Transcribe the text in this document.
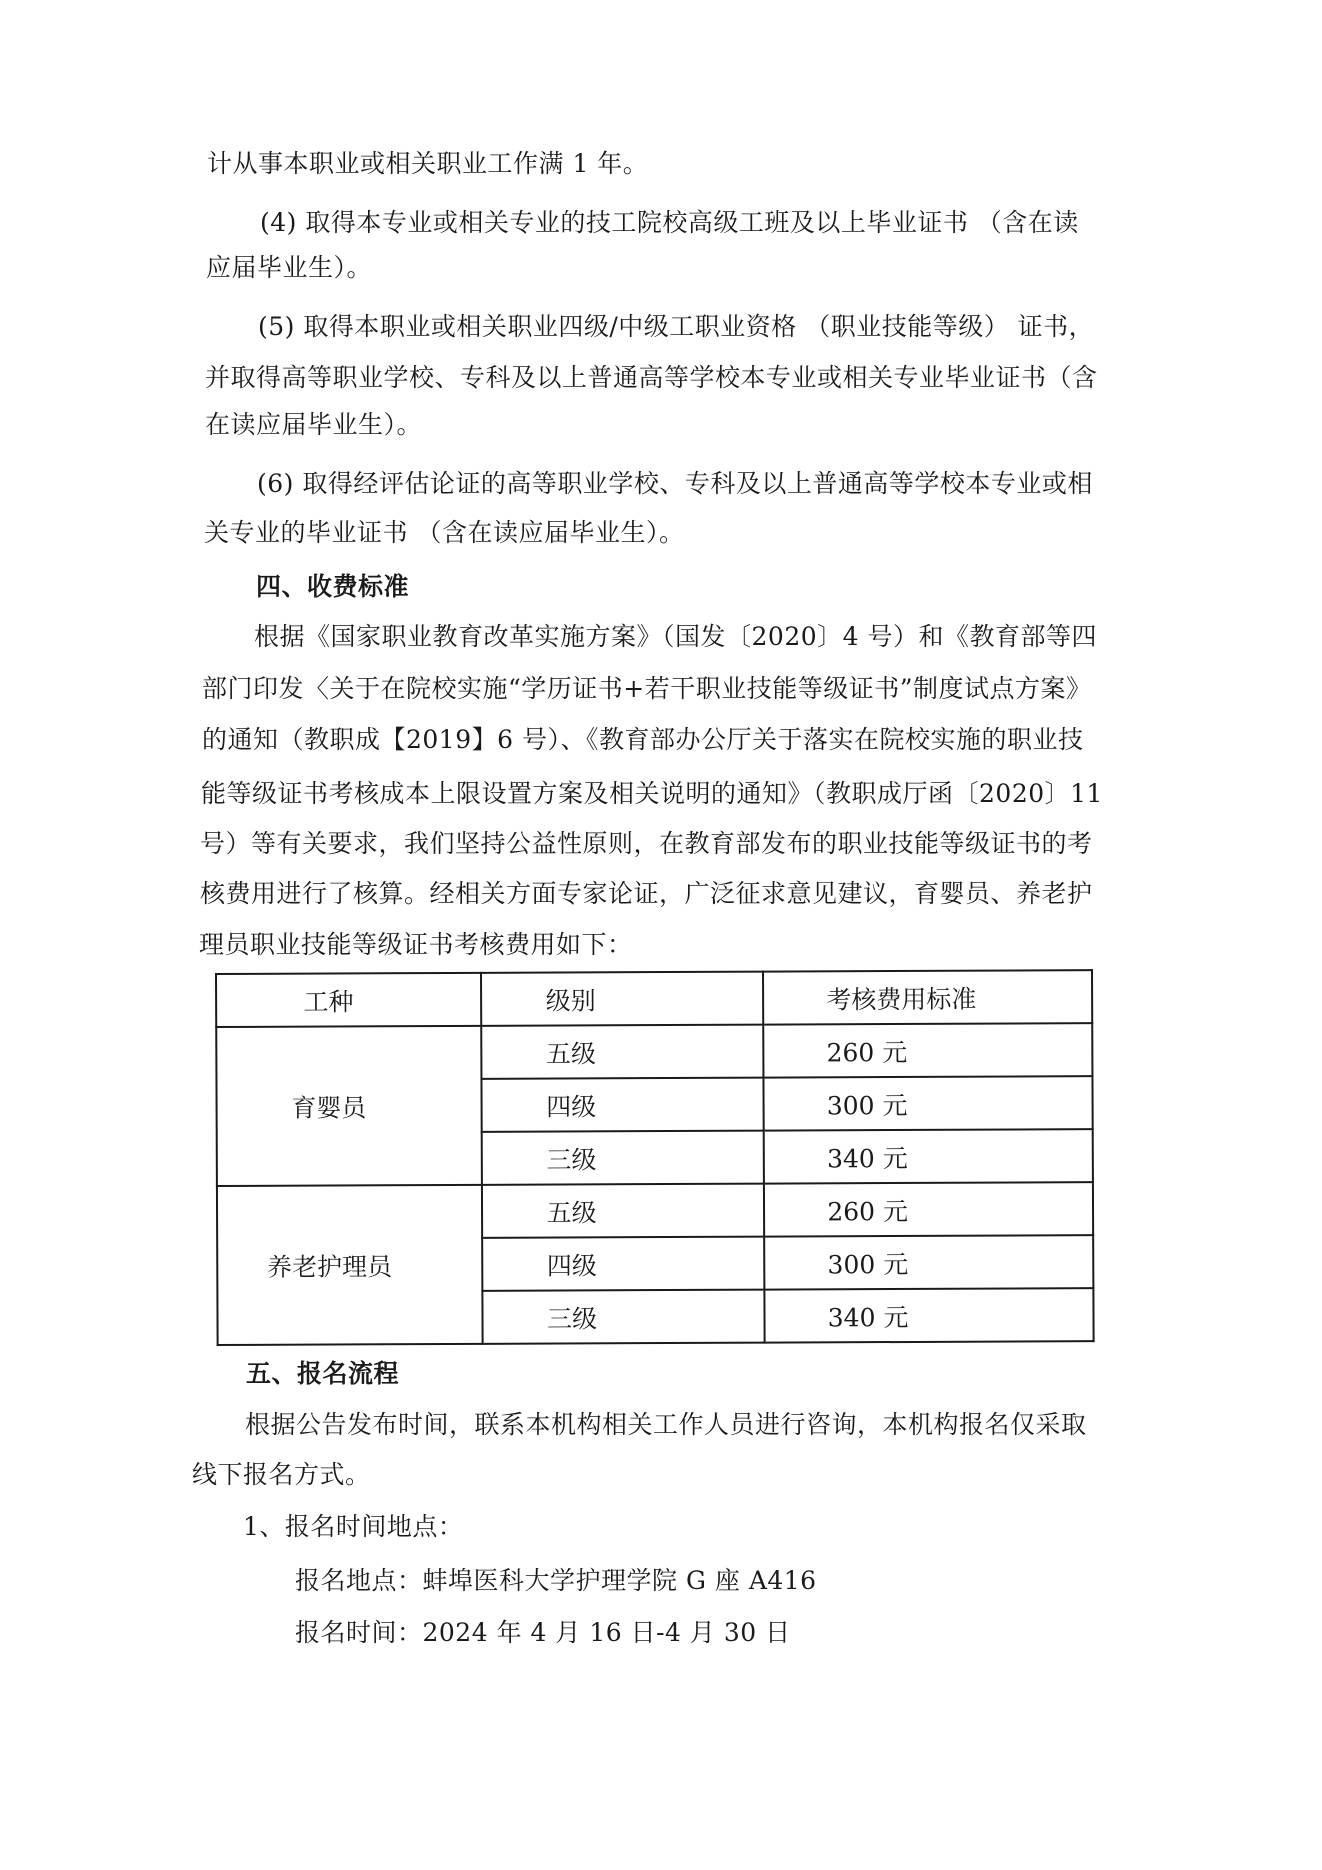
计从事本职业或相关职业工作满 1 年。
(4) 取得本专业或相关专业的技工院校高级工班及以上毕业证书 （含在读
应届毕业生）。
(5) 取得本职业或相关职业四级/中级工职业资格 （职业技能等级） 证书，
并取得高等职业学校、专科及以上普通高等学校本专业或相关专业毕业证书（含
在读应届毕业生）。
(6) 取得经评估论证的高等职业学校、专科及以上普通高等学校本专业或相
关专业的毕业证书 （含在读应届毕业生）。
四、收费标准
根据《国家职业教育改革实施方案》（国发〔2020〕4 号）和《教育部等四
部门印发〈关于在院校实施“学历证书+若干职业技能等级证书”制度试点方案》
的通知（教职成【2019】6 号）、《教育部办公厅关于落实在院校实施的职业技
能等级证书考核成本上限设置方案及相关说明的通知》（教职成厅函〔2020〕11
号）等有关要求，我们坚持公益性原则，在教育部发布的职业技能等级证书的考
核费用进行了核算。经相关方面专家论证，广泛征求意见建议，育婴员、养老护
理员职业技能等级证书考核费用如下：
工种	级别	考核费用标准
育婴员	五级	260 元
	四级	300 元
	三级	340 元
养老护理员	五级	260 元
	四级	300 元
	三级	340 元
五、报名流程
根据公告发布时间，联系本机构相关工作人员进行咨询，本机构报名仅采取
线下报名方式。
1、报名时间地点：
报名地点：蚌埠医科大学护理学院 G 座 A416
报名时间：2024 年 4 月 16 日-4 月 30 日
